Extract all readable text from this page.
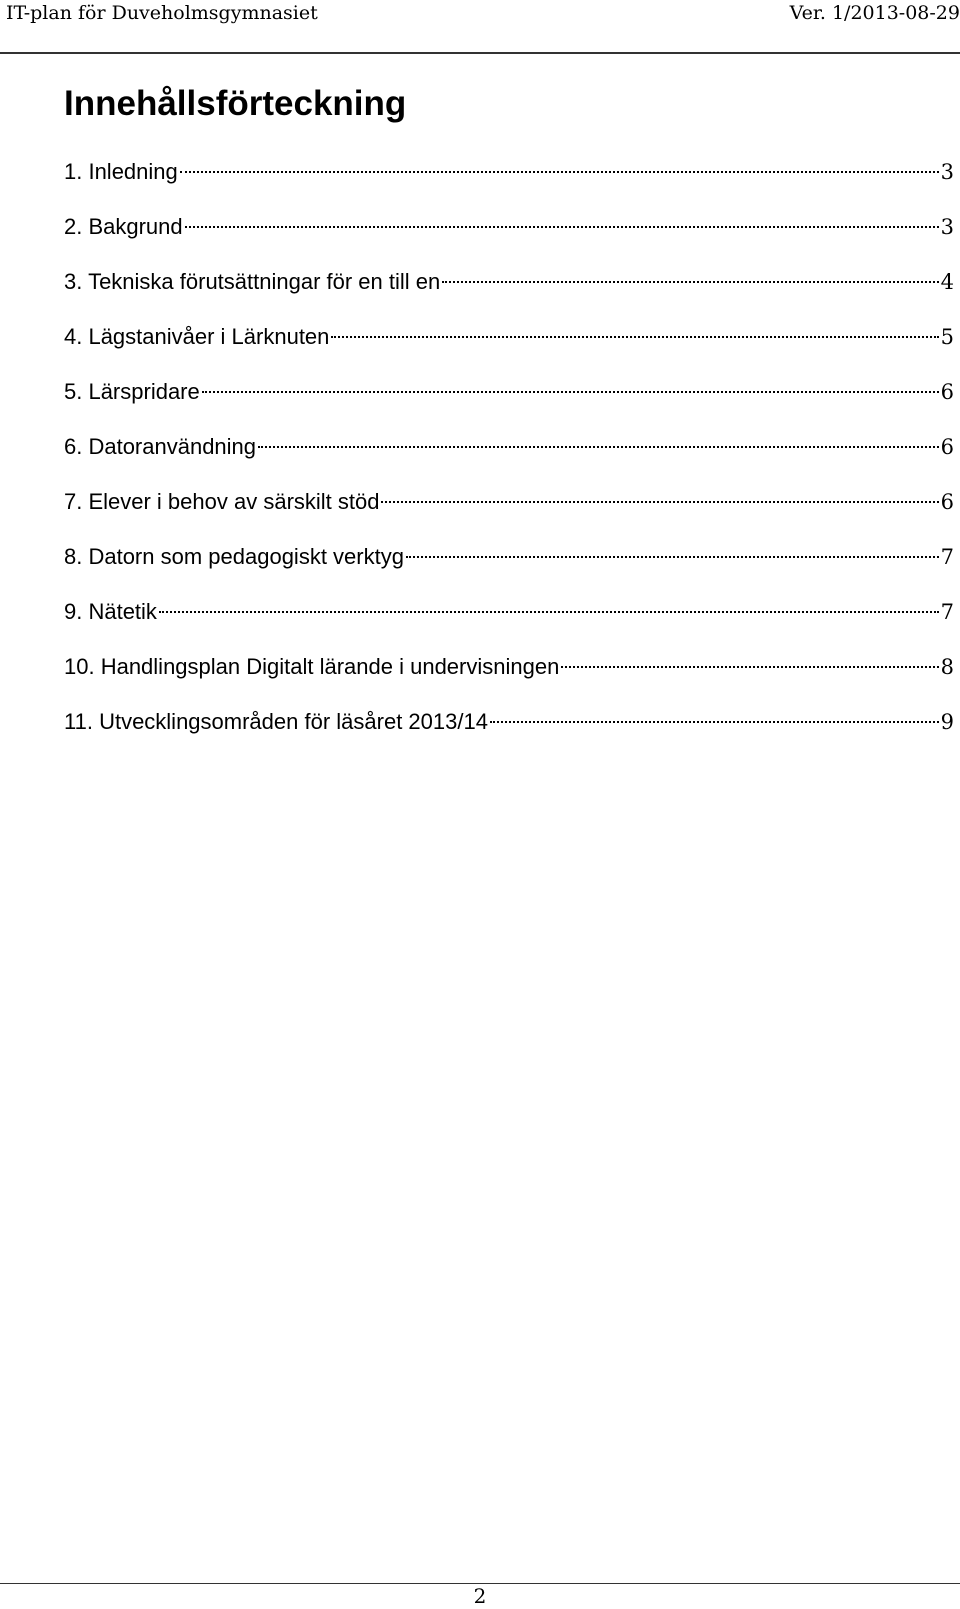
IT-plan för Duveholmsgymnasiet	Ver. 1/2013-08-29
Innehållsförteckning
1. Inledning	3
2. Bakgrund	3
3. Tekniska förutsättningar för en till en	4
4. Lägstanivåer i Lärknuten	5
5. Lärspridare	6
6. Datoranvändning	6
7. Elever i behov av särskilt stöd	6
8. Datorn som pedagogiskt verktyg	7
9. Nätetik	7
10. Handlingsplan Digitalt lärande i undervisningen	8
11. Utvecklingsområden för läsåret 2013/14	9
2
